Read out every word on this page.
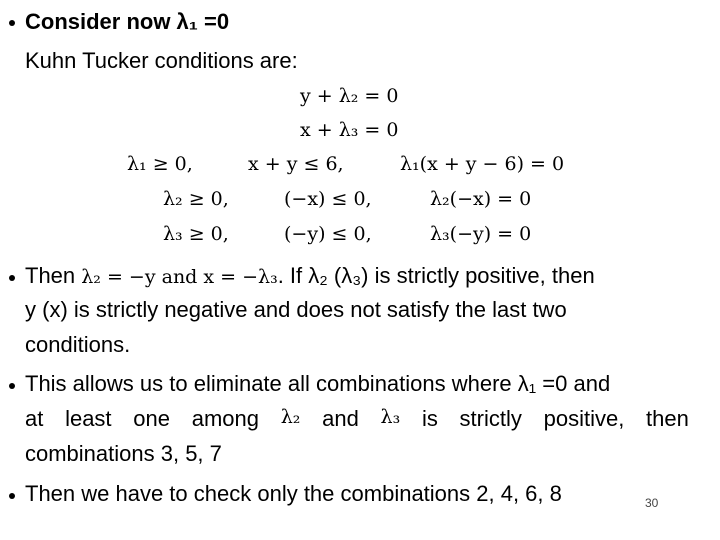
Consider now λ₁ =0
Kuhn Tucker conditions are:
y + λ₂ = 0
x + λ₃ = 0
λ₁ ≥ 0,	x + y ≤ 6,	λ₁(x + y − 6) = 0
λ₂ ≥ 0,	(−x) ≤ 0,	λ₂(−x) = 0
λ₃ ≥ 0,	(−y) ≤ 0,	λ₃(−y) = 0
Then λ₂ = −y and x = −λ₃. If λ₂ (λ₃) is strictly positive, then
y (x) is strictly negative and does not satisfy the last two
conditions.
This allows us to eliminate all combinations where λ₁ =0 and
at least one among λ₂ and λ₃ is strictly positive, then
combinations 3, 5, 7
Then we have to check only the combinations 2, 4, 6, 8	30
